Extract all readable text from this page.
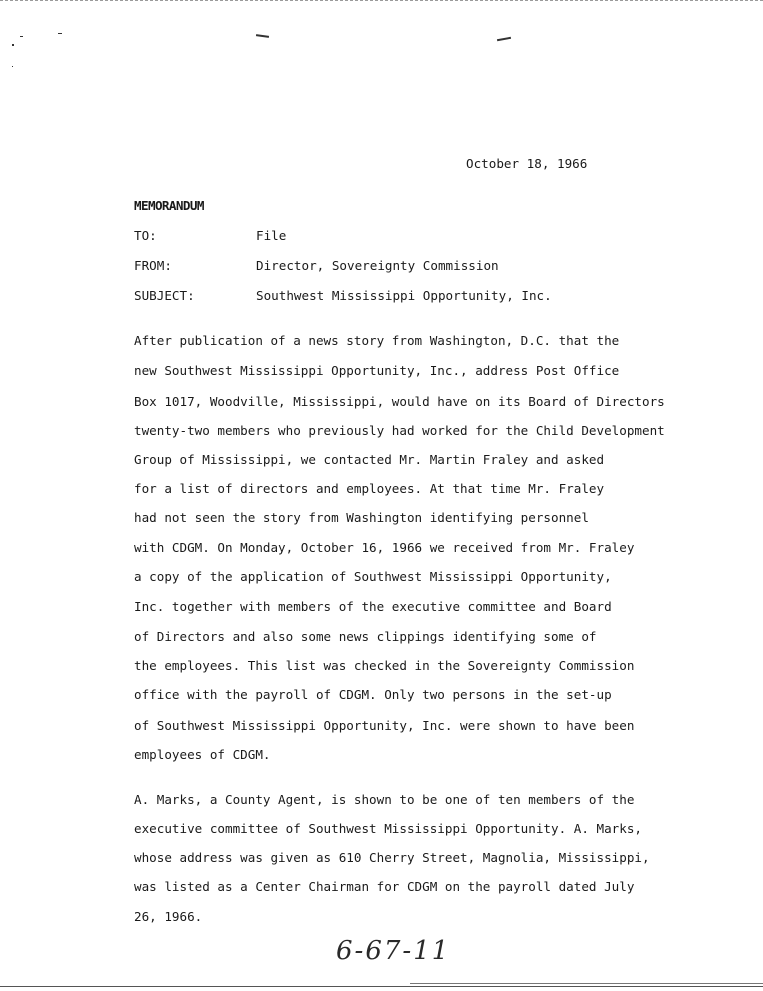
October 18, 1966
MEMORANDUM
TO:	File
FROM:	Director, Sovereignty Commission
SUBJECT:	Southwest Mississippi Opportunity, Inc.
After publication of a news story from Washington, D.C. that the
new Southwest Mississippi Opportunity, Inc., address Post Office
Box 1017, Woodville, Mississippi, would have on its Board of Directors
twenty-two members who previously had worked for the Child Development
Group of Mississippi, we contacted Mr. Martin Fraley and asked
for a list of directors and employees. At that time Mr. Fraley
had not seen the story from Washington identifying personnel
with CDGM. On Monday, October 16, 1966 we received from Mr. Fraley
a copy of the application of Southwest Mississippi Opportunity,
Inc. together with members of the executive committee and Board
of Directors and also some news clippings identifying some of
the employees. This list was checked in the Sovereignty Commission
office with the payroll of CDGM. Only two persons in the set-up
of Southwest Mississippi Opportunity, Inc. were shown to have been
employees of CDGM.
A. Marks, a County Agent, is shown to be one of ten members of the
executive committee of Southwest Mississippi Opportunity. A. Marks,
whose address was given as 610 Cherry Street, Magnolia, Mississippi,
was listed as a Center Chairman for CDGM on the payroll dated July
26, 1966.
6-67-11
